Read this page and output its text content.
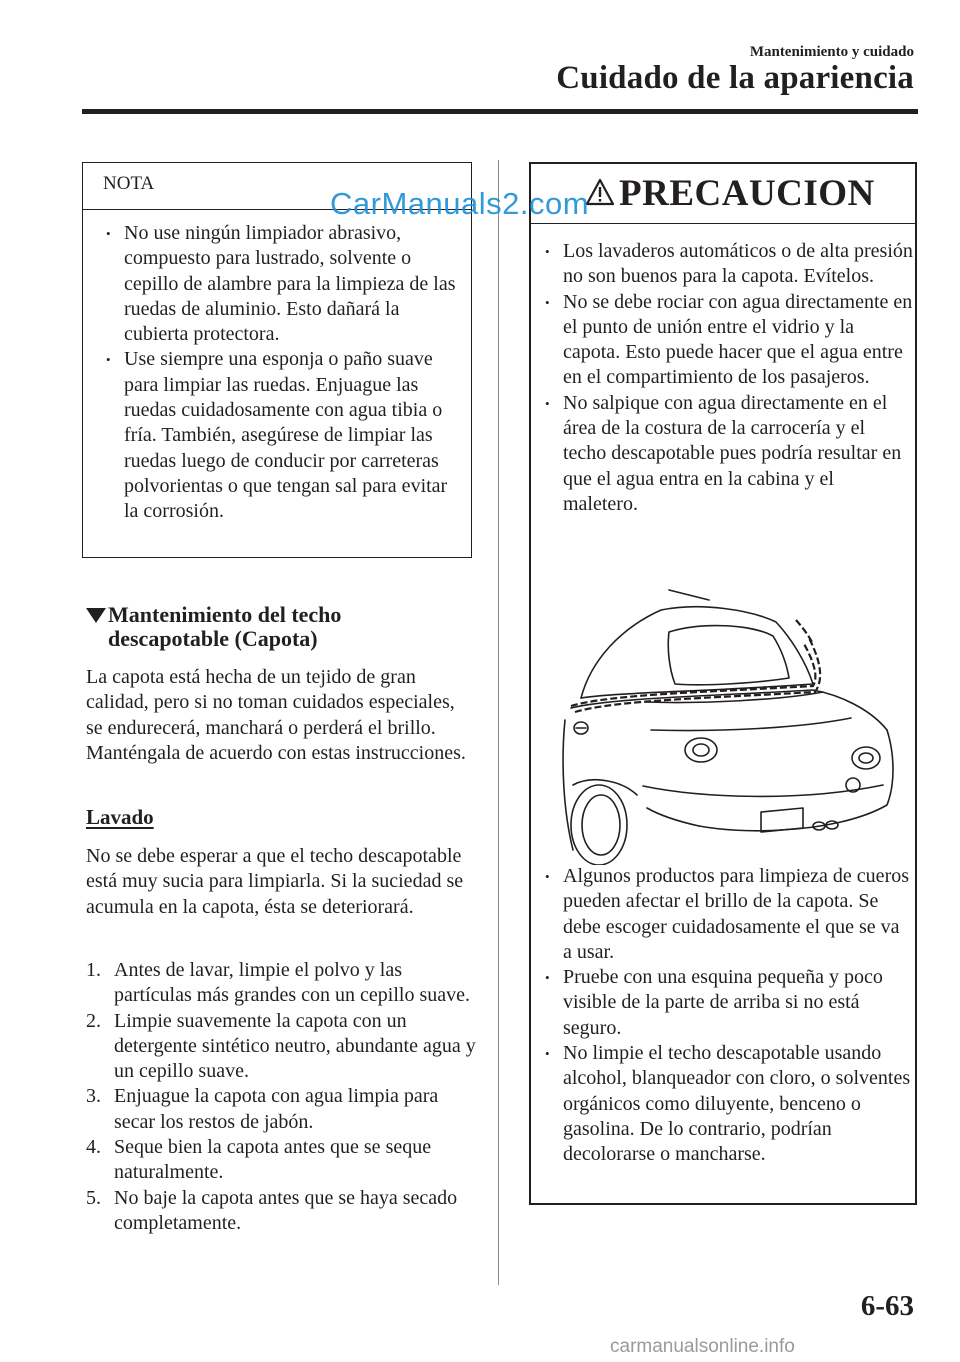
Mantenimiento y cuidado
Cuidado de la apariencia
NOTA
• No use ningún limpiador abrasivo, compuesto para lustrado, solvente o cepillo de alambre para la limpieza de las ruedas de aluminio. Esto dañará la cubierta protectora.
• Use siempre una esponja o paño suave para limpiar las ruedas. Enjuague las ruedas cuidadosamente con agua tibia o fría. También, asegúrese de limpiar las ruedas luego de conducir por carreteras polvorientas o que tengan sal para evitar la corrosión.
Mantenimiento del techo
descapotable (Capota)

La capota está hecha de un tejido de gran calidad, pero si no toman cuidados especiales, se endurecerá, manchará o perderá el brillo. Manténgala de acuerdo con estas instrucciones.

Lavado

No se debe esperar a que el techo descapotable está muy sucia para limpiarla. Si la suciedad se acumula en la capota, ésta se deteriorará.

1. Antes de lavar, limpie el polvo y las partículas más grandes con un cepillo suave.
2. Limpie suavemente la capota con un detergente sintético neutro, abundante agua y un cepillo suave.
3. Enjuague la capota con agua limpia para secar los restos de jabón.
4. Seque bien la capota antes que se seque naturalmente.
5. No baje la capota antes que se haya secado completamente.
PRECAUCION
• Los lavaderos automáticos o de alta presión no son buenos para la capota. Evítelos.
• No se debe rociar con agua directamente en el punto de unión entre el vidrio y la capota. Esto puede hacer que el agua entre en el compartimiento de los pasajeros.
• No salpique con agua directamente en el área de la costura de la carrocería y el techo descapotable pues podría resultar en que el agua entra en la cabina y el maletero.
• Algunos productos para limpieza de cueros pueden afectar el brillo de la capota. Se debe escoger cuidadosamente el que se va a usar.
• Pruebe con una esquina pequeña y poco visible de la parte de arriba si no está seguro.
• No limpie el techo descapotable usando alcohol, blanqueador con cloro, o solventes orgánicos como diluyente, benceno o gasolina. De lo contrario, podrían decolorarse o mancharse.
CarManuals2.com
6-63
carmanualsonline.info
